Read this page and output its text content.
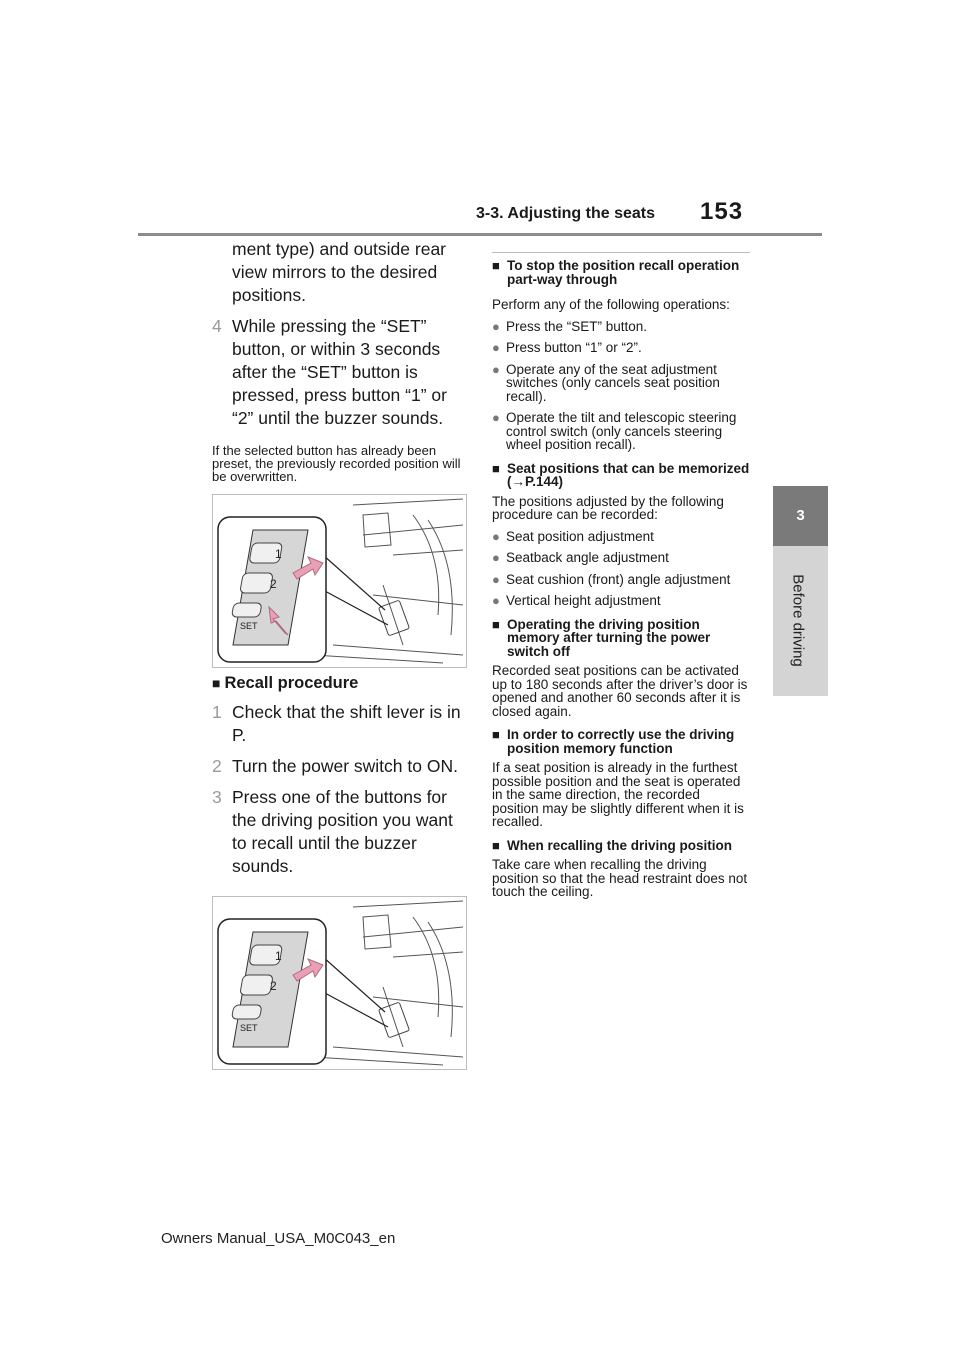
3-3. Adjusting the seats 153
3
Before driving
ment type) and outside rear view mirrors to the desired positions.
4 While pressing the “SET” button, or within 3 seconds after the “SET” button is pressed, press button “1” or “2” until the buzzer sounds.
If the selected button has already been preset, the previously recorded position will be overwritten.
1
2
SET
■ Recall procedure
1 Check that the shift lever is in P.
2 Turn the power switch to ON.
3 Press one of the buttons for the driving position you want to recall until the buzzer sounds.
1
2
SET
■ To stop the position recall operation part-way through
Perform any of the following operations:
● Press the “SET” button.
● Press button “1” or “2”.
● Operate any of the seat adjustment switches (only cancels seat position recall).
● Operate the tilt and telescopic steering control switch (only cancels steering wheel position recall).
■ Seat positions that can be memorized (→P.144)
The positions adjusted by the following procedure can be recorded:
● Seat position adjustment
● Seatback angle adjustment
● Seat cushion (front) angle adjustment
● Vertical height adjustment
■ Operating the driving position memory after turning the power switch off
Recorded seat positions can be activated up to 180 seconds after the driver’s door is opened and another 60 seconds after it is closed again.
■ In order to correctly use the driving position memory function
If a seat position is already in the furthest possible position and the seat is operated in the same direction, the recorded position may be slightly different when it is recalled.
■ When recalling the driving position
Take care when recalling the driving position so that the head restraint does not touch the ceiling.
Owners Manual_USA_M0C043_en
